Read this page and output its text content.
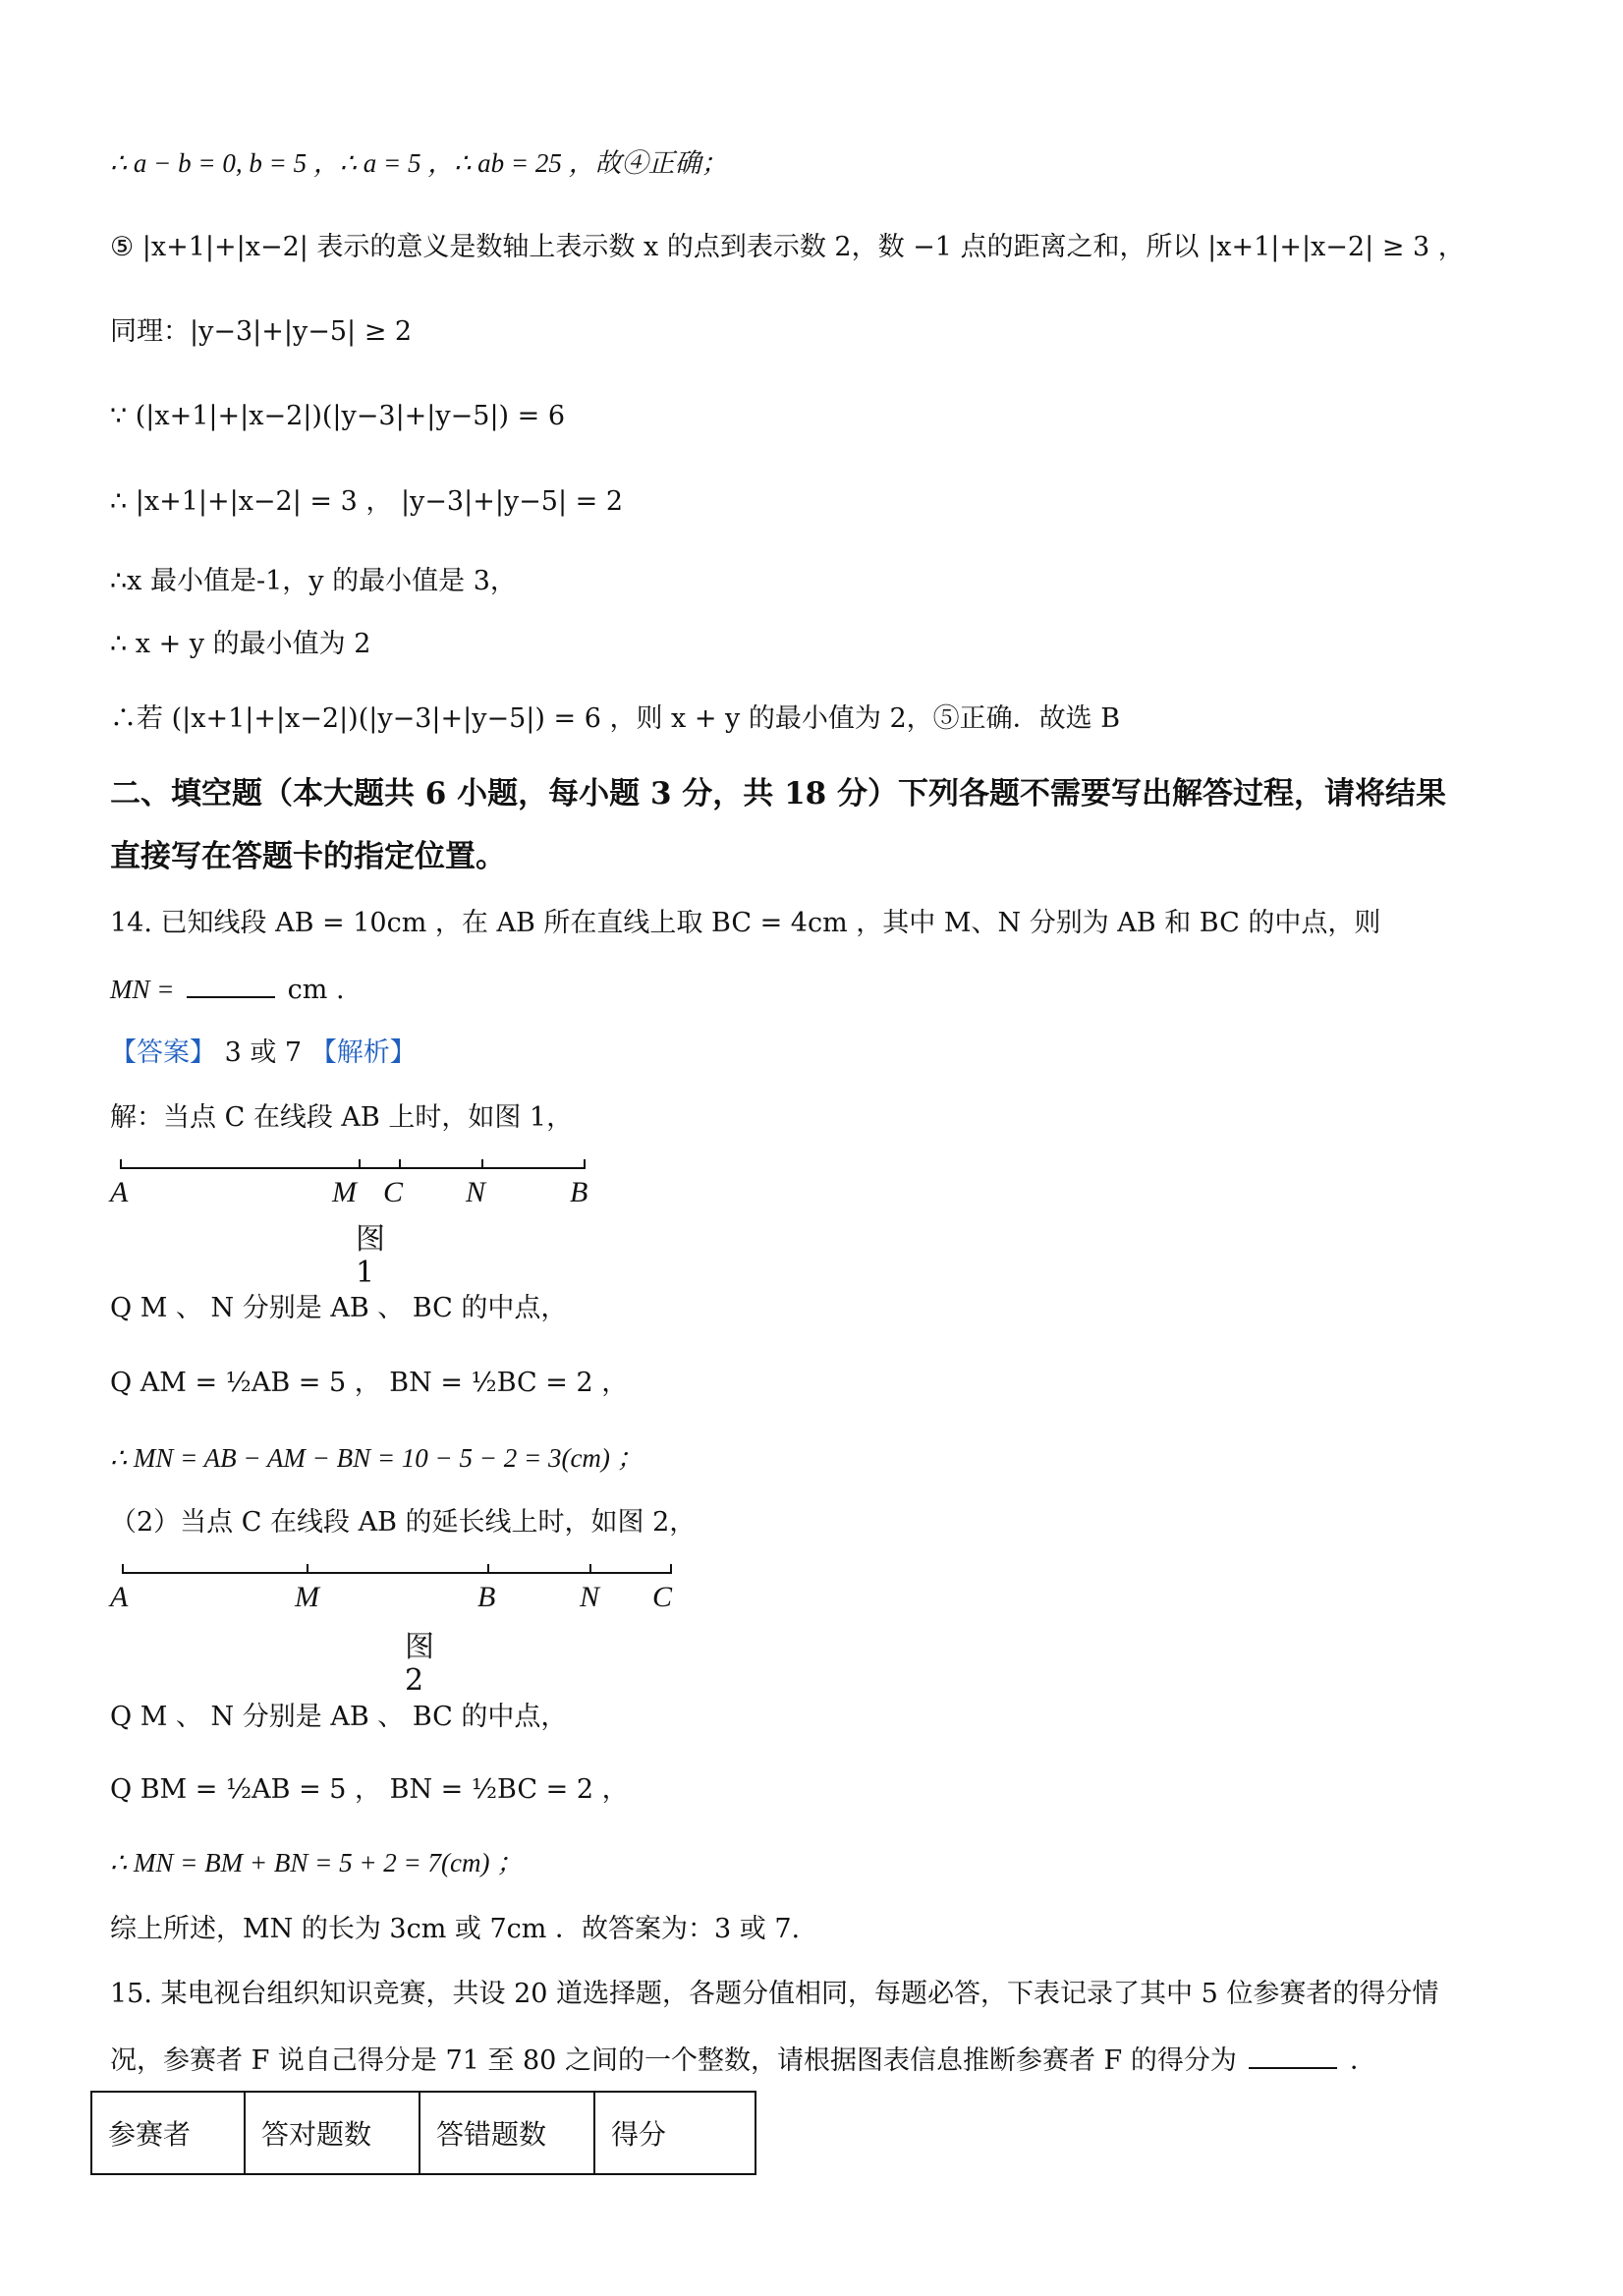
∴ a − b = 0, b = 5 ，∴ a = 5 ，∴ ab = 25 ，故④正确；
⑤ |x+1|+|x−2| 表示的意义是数轴上表示数 x 的点到表示数 2，数 −1 点的距离之和，所以 |x+1|+|x−2| ≥ 3 ，
同理：|y−3|+|y−5| ≥ 2
∵ (|x+1|+|x−2|)(|y−3|+|y−5|) = 6
∴ |x+1|+|x−2| = 3 ， |y−3|+|y−5| = 2
∴x 最小值是-1，y 的最小值是 3，
∴ x + y 的最小值为 2
∴若 (|x+1|+|x−2|)(|y−3|+|y−5|) = 6 ，则 x + y 的最小值为 2，⑤正确．故选 B
二、填空题（本大题共 6 小题，每小题 3 分，共 18 分）下列各题不需要写出解答过程，请将结果
直接写在答题卡的指定位置。
14. 已知线段 AB = 10cm ，在 AB 所在直线上取 BC = 4cm ，其中 M、N 分别为 AB 和 BC 的中点，则
MN =	cm .
【答案】 3 或 7 【解析】
解：当点 C 在线段 AB 上时，如图 1，
A	M C N	B
图1
Q M 、 N 分别是 AB 、 BC 的中点，
Q AM = ½AB = 5 ， BN = ½BC = 2 ，
∴ MN = AB − AM − BN = 10 − 5 − 2 = 3(cm) ；
（2）当点 C 在线段 AB 的延长线上时，如图 2，
A	M	B	N C
图2
Q M 、 N 分别是 AB 、 BC 的中点，
Q BM = ½AB = 5 ， BN = ½BC = 2 ，
∴ MN = BM + BN = 5 + 2 = 7(cm) ；
综上所述，MN 的长为 3cm 或 7cm ．故答案为：3 或 7.
15. 某电视台组织知识竞赛，共设 20 道选择题，各题分值相同，每题必答，下表记录了其中 5 位参赛者的得分情
况，参赛者 F 说自己得分是 71 至 80 之间的一个整数，请根据图表信息推断参赛者 F 的得分为	．
参赛者	答对题数	答错题数	得分
